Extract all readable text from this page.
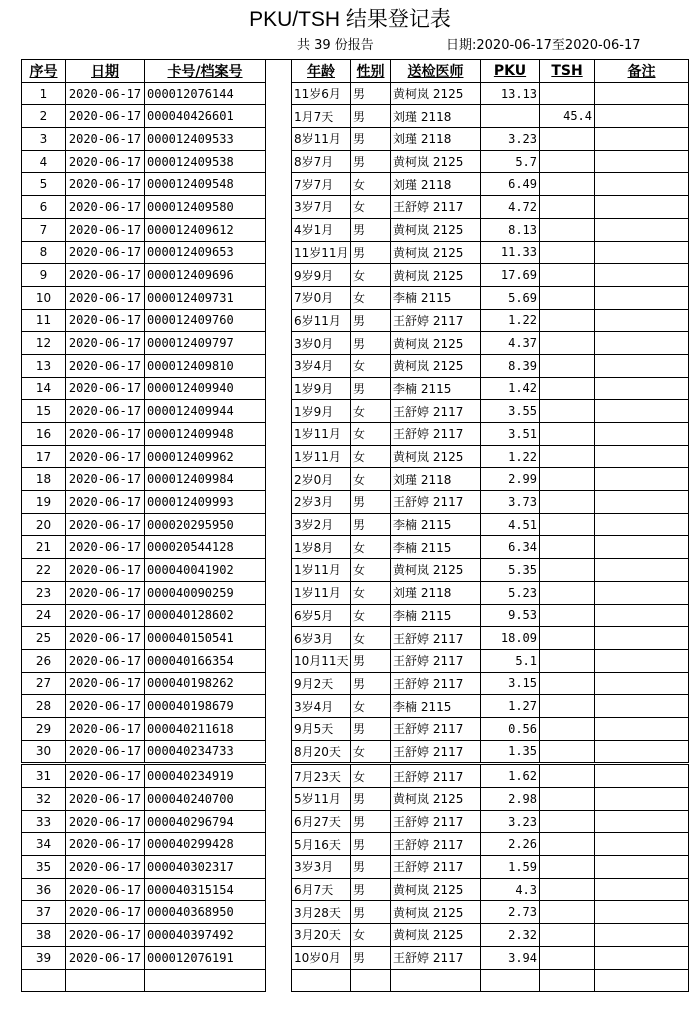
PKU/TSH 结果登记表
共 39 份报告	日期:2020-06-17至2020-06-17
序号	日期	卡号/档案号		年龄	性别	送检医师	PKU	TSH	备注
1	2020-06-17	000012076144		11岁6月	男	黄柯岚 2125	13.13		
2	2020-06-17	000040426601		1月7天	男	刘瑾 2118		45.4	
3	2020-06-17	000012409533		8岁11月	男	刘瑾 2118	3.23		
4	2020-06-17	000012409538		8岁7月	男	黄柯岚 2125	5.7		
5	2020-06-17	000012409548		7岁7月	女	刘瑾 2118	6.49		
6	2020-06-17	000012409580		3岁7月	女	王舒婷 2117	4.72		
7	2020-06-17	000012409612		4岁1月	男	黄柯岚 2125	8.13		
8	2020-06-17	000012409653		11岁11月	男	黄柯岚 2125	11.33		
9	2020-06-17	000012409696		9岁9月	女	黄柯岚 2125	17.69		
10	2020-06-17	000012409731		7岁0月	女	李楠 2115	5.69		
11	2020-06-17	000012409760		6岁11月	男	王舒婷 2117	1.22		
12	2020-06-17	000012409797		3岁0月	男	黄柯岚 2125	4.37		
13	2020-06-17	000012409810		3岁4月	女	黄柯岚 2125	8.39		
14	2020-06-17	000012409940		1岁9月	男	李楠 2115	1.42		
15	2020-06-17	000012409944		1岁9月	女	王舒婷 2117	3.55		
16	2020-06-17	000012409948		1岁11月	女	王舒婷 2117	3.51		
17	2020-06-17	000012409962		1岁11月	女	黄柯岚 2125	1.22		
18	2020-06-17	000012409984		2岁0月	女	刘瑾 2118	2.99		
19	2020-06-17	000012409993		2岁3月	男	王舒婷 2117	3.73		
20	2020-06-17	000020295950		3岁2月	男	李楠 2115	4.51		
21	2020-06-17	000020544128		1岁8月	女	李楠 2115	6.34		
22	2020-06-17	000040041902		1岁11月	女	黄柯岚 2125	5.35		
23	2020-06-17	000040090259		1岁11月	女	刘瑾 2118	5.23		
24	2020-06-17	000040128602		6岁5月	女	李楠 2115	9.53		
25	2020-06-17	000040150541		6岁3月	女	王舒婷 2117	18.09		
26	2020-06-17	000040166354		10月11天	男	王舒婷 2117	5.1		
27	2020-06-17	000040198262		9月2天	男	王舒婷 2117	3.15		
28	2020-06-17	000040198679		3岁4月	女	李楠 2115	1.27		
29	2020-06-17	000040211618		9月5天	男	王舒婷 2117	0.56		
30	2020-06-17	000040234733		8月20天	女	王舒婷 2117	1.35		
31	2020-06-17	000040234919		7月23天	女	王舒婷 2117	1.62		
32	2020-06-17	000040240700		5岁11月	男	黄柯岚 2125	2.98		
33	2020-06-17	000040296794		6月27天	男	王舒婷 2117	3.23		
34	2020-06-17	000040299428		5月16天	男	王舒婷 2117	2.26		
35	2020-06-17	000040302317		3岁3月	男	王舒婷 2117	1.59		
36	2020-06-17	000040315154		6月7天	男	黄柯岚 2125	4.3		
37	2020-06-17	000040368950		3月28天	男	黄柯岚 2125	2.73		
38	2020-06-17	000040397492		3月20天	女	黄柯岚 2125	2.32		
39	2020-06-17	000012076191		10岁0月	男	王舒婷 2117	3.94		
